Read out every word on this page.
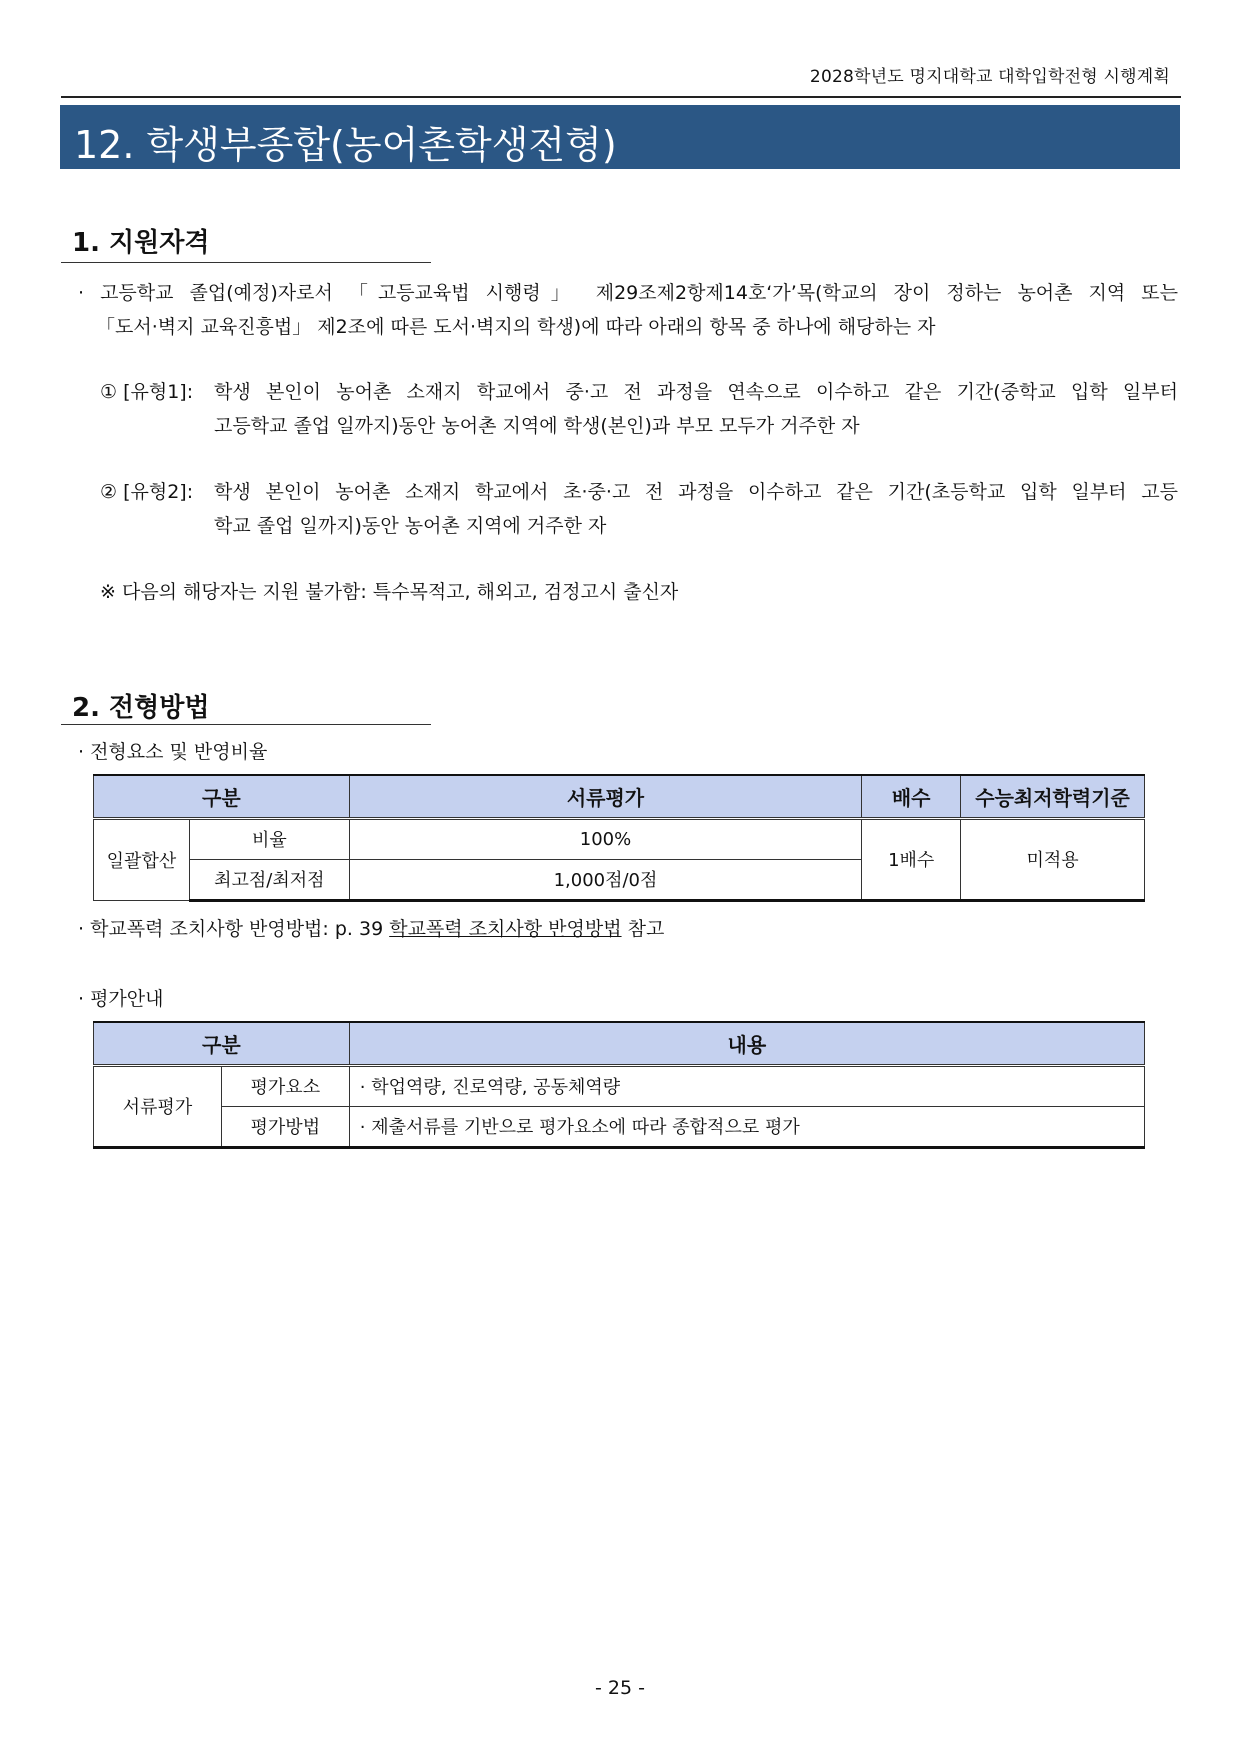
2028학년도 명지대학교 대학입학전형 시행계획
12. 학생부종합(농어촌학생전형)
1. 지원자격
· 고등학교 졸업(예정)자로서 「고등교육법 시행령」 제29조제2항제14호‘가’목(학교의 장이 정하는 농어촌 지역 또는
「도서·벽지 교육진흥법」 제2조에 따른 도서·벽지의 학생)에 따라 아래의 항목 중 하나에 해당하는 자
① [유형1]: 학생 본인이 농어촌 소재지 학교에서 중·고 전 과정을 연속으로 이수하고 같은 기간(중학교 입학 일부터
고등학교 졸업 일까지)동안 농어촌 지역에 학생(본인)과 부모 모두가 거주한 자
② [유형2]: 학생 본인이 농어촌 소재지 학교에서 초·중·고 전 과정을 이수하고 같은 기간(초등학교 입학 일부터 고등
학교 졸업 일까지)동안 농어촌 지역에 거주한 자
※ 다음의 해당자는 지원 불가함: 특수목적고, 해외고, 검정고시 출신자
2. 전형방법
· 전형요소 및 반영비율
구분		서류평가	배수	수능최저학력기준
일괄합산	비율	100%	1배수	미적용
	최고점/최저점	1,000점/0점		
· 학교폭력 조치사항 반영방법: p. 39 학교폭력 조치사항 반영방법 참고
· 평가안내
구분		내용
서류평가	평가요소	· 학업역량, 진로역량, 공동체역량
	평가방법	· 제출서류를 기반으로 평가요소에 따라 종합적으로 평가
- 25 -
